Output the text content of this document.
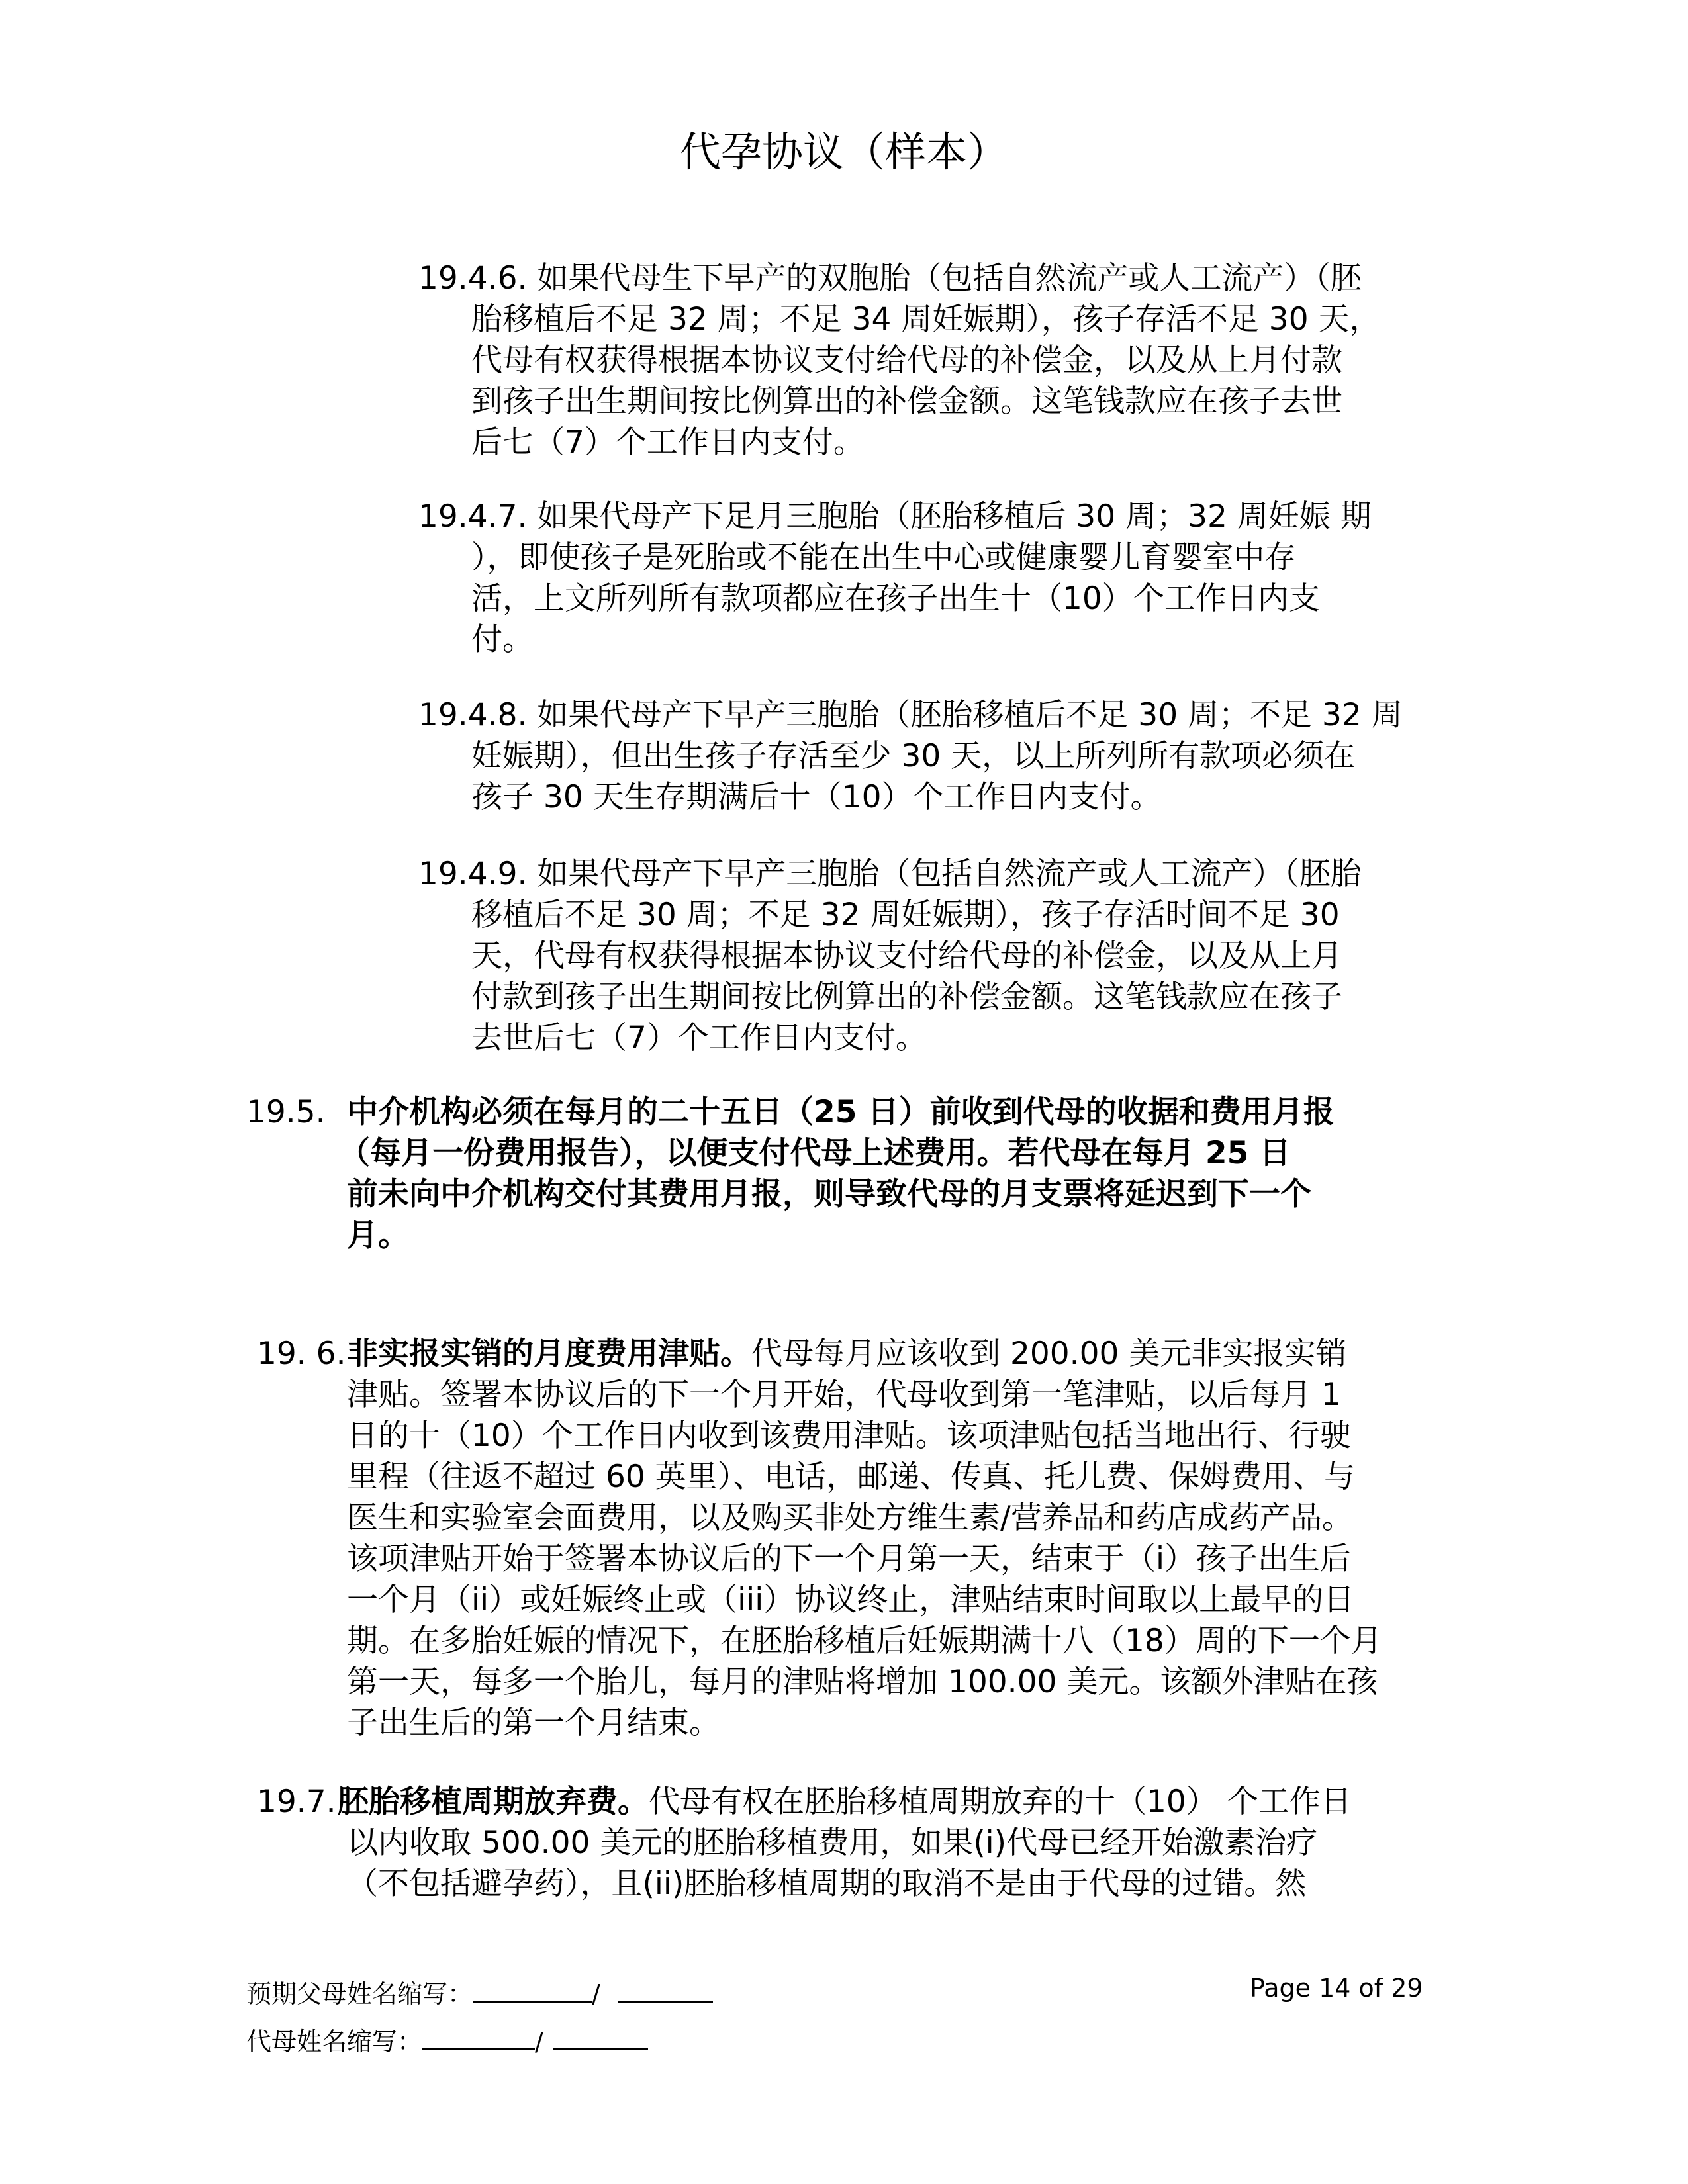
代孕协议（样本）
19.4.6. 如果代母生下早产的双胞胎（包括自然流产或人工流产）（胚
胎移植后不足 32 周；不足 34 周妊娠期），孩子存活不足 30 天，
代母有权获得根据本协议支付给代母的补偿金，以及从上月付款
到孩子出生期间按比例算出的补偿金额。这笔钱款应在孩子去世
后七（7）个工作日内支付。
19.4.7. 如果代母产下足月三胞胎（胚胎移植后 30 周；32 周妊娠 期
），即使孩子是死胎或不能在出生中心或健康婴儿育婴室中存
活，上文所列所有款项都应在孩子出生十（10）个工作日内支
付。
19.4.8. 如果代母产下早产三胞胎（胚胎移植后不足 30 周；不足 32 周
妊娠期），但出生孩子存活至少 30 天，以上所列所有款项必须在
孩子 30 天生存期满后十（10）个工作日内支付。
19.4.9. 如果代母产下早产三胞胎（包括自然流产或人工流产）（胚胎
移植后不足 30 周；不足 32 周妊娠期），孩子存活时间不足 30
天，代母有权获得根据本协议支付给代母的补偿金，以及从上月
付款到孩子出生期间按比例算出的补偿金额。这笔钱款应在孩子
去世后七（7）个工作日内支付。
19.5. 中介机构必须在每月的二十五日（25 日）前收到代母的收据和费用月报
（每月一份费用报告），以便支付代母上述费用。若代母在每月 25 日
前未向中介机构交付其费用月报，则导致代母的月支票将延迟到下一个
月。
19. 6. 非实报实销的月度费用津贴。代母每月应该收到 200.00 美元非实报实销
津贴。签署本协议后的下一个月开始，代母收到第一笔津贴，以后每月 1
日的十（10）个工作日内收到该费用津贴。该项津贴包括当地出行、行驶
里程（往返不超过 60 英里）、电话，邮递、传真、托儿费、保姆费用、与
医生和实验室会面费用，以及购买非处方维生素/营养品和药店成药产品。
该项津贴开始于签署本协议后的下一个月第一天，结束于（i）孩子出生后
一个月（ii）或妊娠终止或（iii）协议终止，津贴结束时间取以上最早的日
期。在多胎妊娠的情况下，在胚胎移植后妊娠期满十八（18）周的下一个月
第一天，每多一个胎儿，每月的津贴将增加 100.00 美元。该额外津贴在孩
子出生后的第一个月结束。
19.7. 胚胎移植周期放弃费。代母有权在胚胎移植周期放弃的十（10） 个工作日
以内收取 500.00 美元的胚胎移植费用，如果(i)代母已经开始激素治疗
（不包括避孕药），且(ii)胚胎移植周期的取消不是由于代母的过错。然
预期父母姓名缩写：	/	Page 14 of 29
代母姓名缩写：	/
